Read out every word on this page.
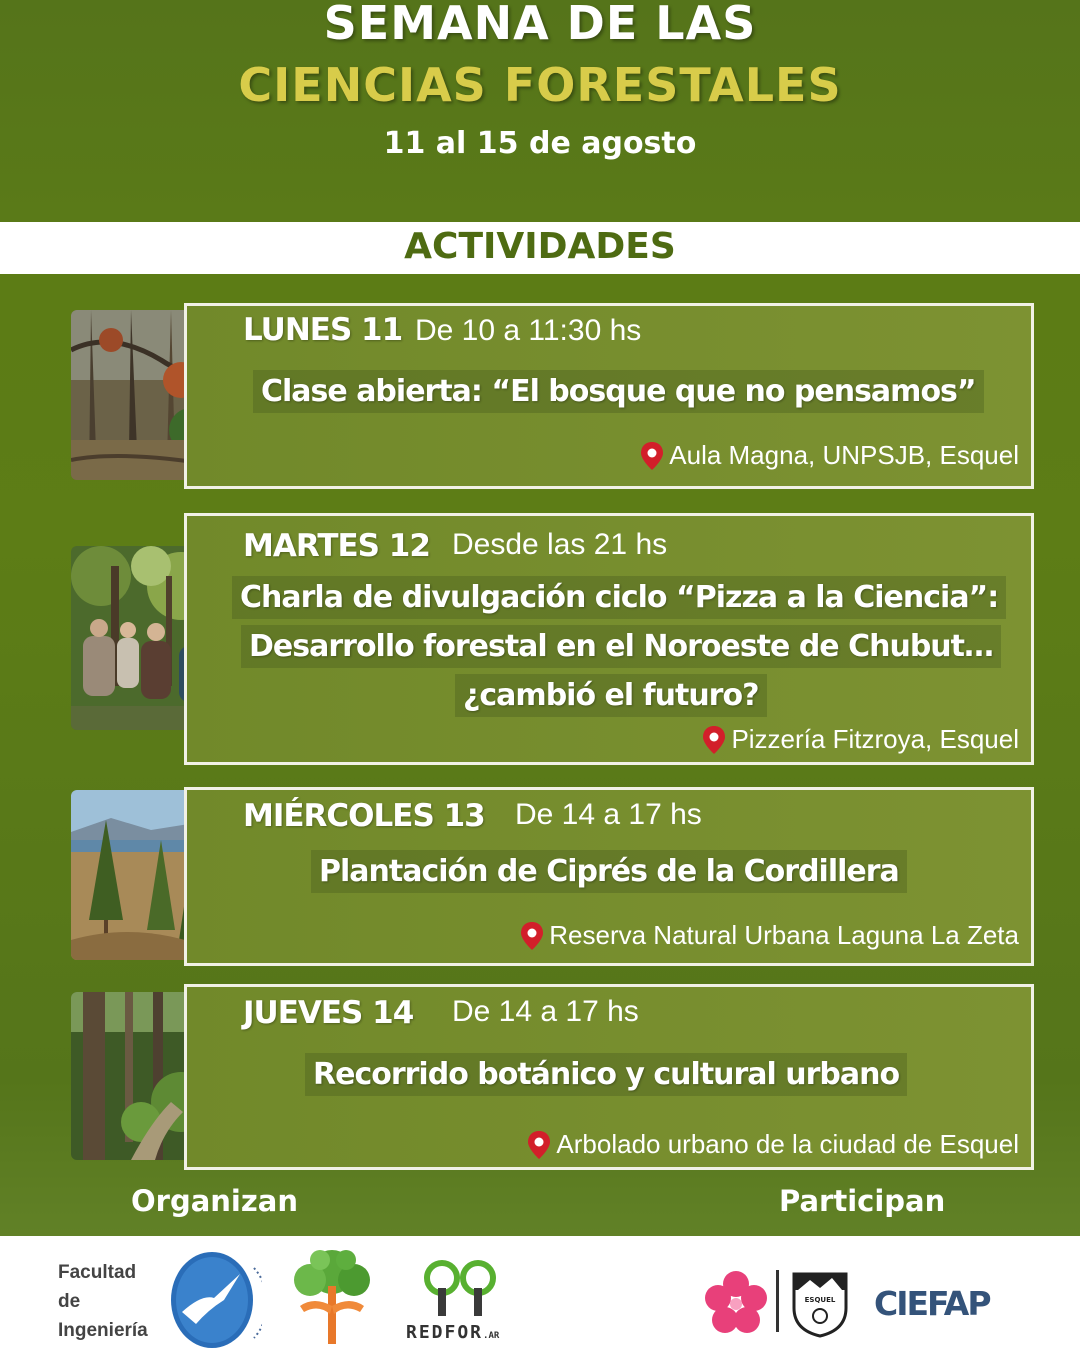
SEMANA DE LAS
CIENCIAS FORESTALES
11 al 15 de agosto
ACTIVIDADES
LUNES 11 De 10 a 11:30 hs
Clase abierta: “El bosque que no pensamos”
Aula Magna, UNPSJB, Esquel
MARTES 12 Desde las 21 hs
Charla de divulgación ciclo “Pizza a la Ciencia”:
Desarrollo forestal en el Noroeste de Chubut…
¿cambió el futuro?
Pizzería Fitzroya, Esquel
MIÉRCOLES 13 De 14 a 17 hs
Plantación de Ciprés de la Cordillera
Reserva Natural Urbana Laguna La Zeta
JUEVES 14 De 14 a 17 hs
Recorrido botánico y cultural urbano
Arbolado urbano de la ciudad de Esquel
Organizan	Participan
Facultad
de
Ingeniería	REDFOR.AR
ESQUEL CIEFAP
